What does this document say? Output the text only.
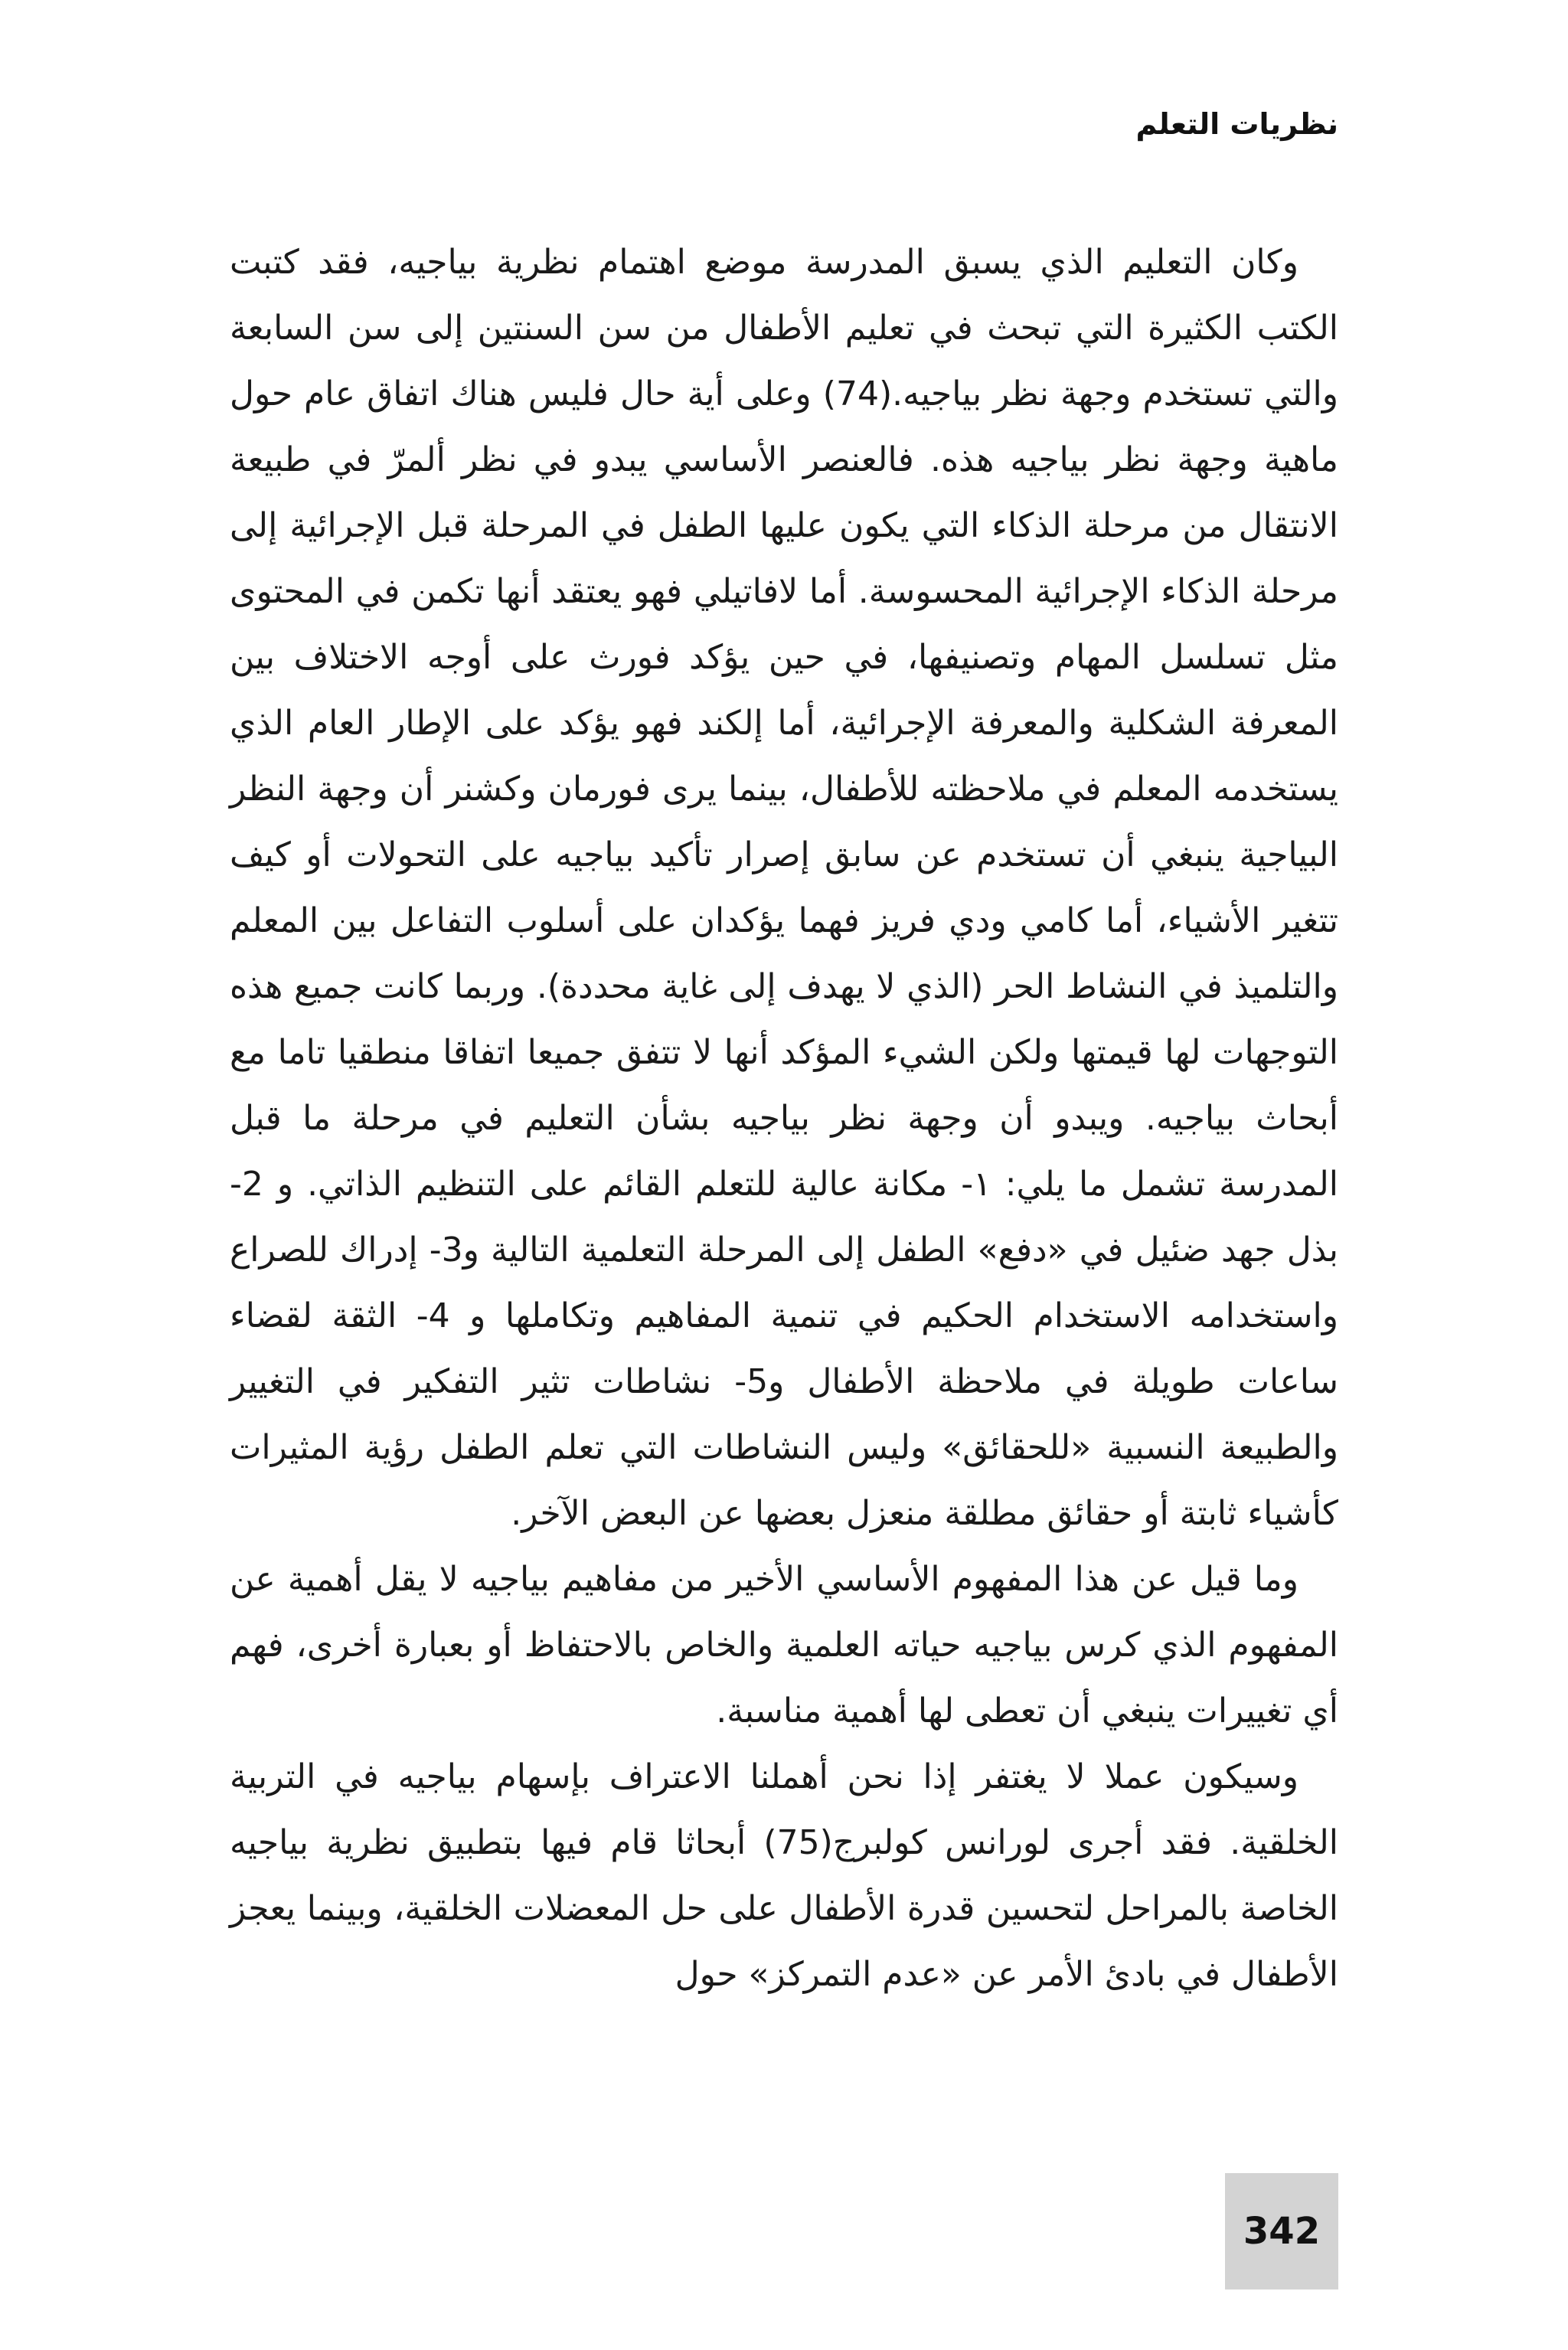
نظريات التعلم

وكان التعليم الذي يسبق المدرسة موضع اهتمام نظرية بياجيه، فقد كتبت الكتب الكثيرة التي تبحث في تعليم الأطفال من سن السنتين إلى سن السابعة والتي تستخدم وجهة نظر بياجيه.(74) وعلى أية حال فليس هناك اتفاق عام حول ماهية وجهة نظر بياجيه هذه. فالعنصر الأساسي يبدو في نظر ألمرّ في طبيعة الانتقال من مرحلة الذكاء التي يكون عليها الطفل في المرحلة قبل الإجرائية إلى مرحلة الذكاء الإجرائية المحسوسة. أما لافاتيلي فهو يعتقد أنها تكمن في المحتوى مثل تسلسل المهام وتصنيفها، في حين يؤكد فورث على أوجه الاختلاف بين المعرفة الشكلية والمعرفة الإجرائية، أما إلكند فهو يؤكد على الإطار العام الذي يستخدمه المعلم في ملاحظته للأطفال، بينما يرى فورمان وكشنر أن وجهة النظر البياجية ينبغي أن تستخدم عن سابق إصرار تأكيد بياجيه على التحولات أو كيف تتغير الأشياء، أما كامي ودي فريز فهما يؤكدان على أسلوب التفاعل بين المعلم والتلميذ في النشاط الحر (الذي لا يهدف إلى غاية محددة). وربما كانت جميع هذه التوجهات لها قيمتها ولكن الشيء المؤكد أنها لا تتفق جميعا اتفاقا منطقيا تاما مع أبحاث بياجيه. ويبدو أن وجهة نظر بياجيه بشأن التعليم في مرحلة ما قبل المدرسة تشمل ما يلي: ١- مكانة عالية للتعلم القائم على التنظيم الذاتي. و 2- بذل جهد ضئيل في «دفع» الطفل إلى المرحلة التعلمية التالية و3- إدراك للصراع واستخدامه الاستخدام الحكيم في تنمية المفاهيم وتكاملها و 4- الثقة لقضاء ساعات طويلة في ملاحظة الأطفال و5- نشاطات تثير التفكير في التغيير والطبيعة النسبية «للحقائق» وليس النشاطات التي تعلم الطفل رؤية المثيرات كأشياء ثابتة أو حقائق مطلقة منعزل بعضها عن البعض الآخر.

وما قيل عن هذا المفهوم الأساسي الأخير من مفاهيم بياجيه لا يقل أهمية عن المفهوم الذي كرس بياجيه حياته العلمية والخاص بالاحتفاظ أو بعبارة أخرى، فهم أي تغييرات ينبغي أن تعطى لها أهمية مناسبة.

وسيكون عملا لا يغتفر إذا نحن أهملنا الاعتراف بإسهام بياجيه في التربية الخلقية. فقد أجرى لورانس كولبرج(75) أبحاثا قام فيها بتطبيق نظرية بياجيه الخاصة بالمراحل لتحسين قدرة الأطفال على حل المعضلات الخلقية، وبينما يعجز الأطفال في بادئ الأمر عن «عدم التمركز» حول

342
